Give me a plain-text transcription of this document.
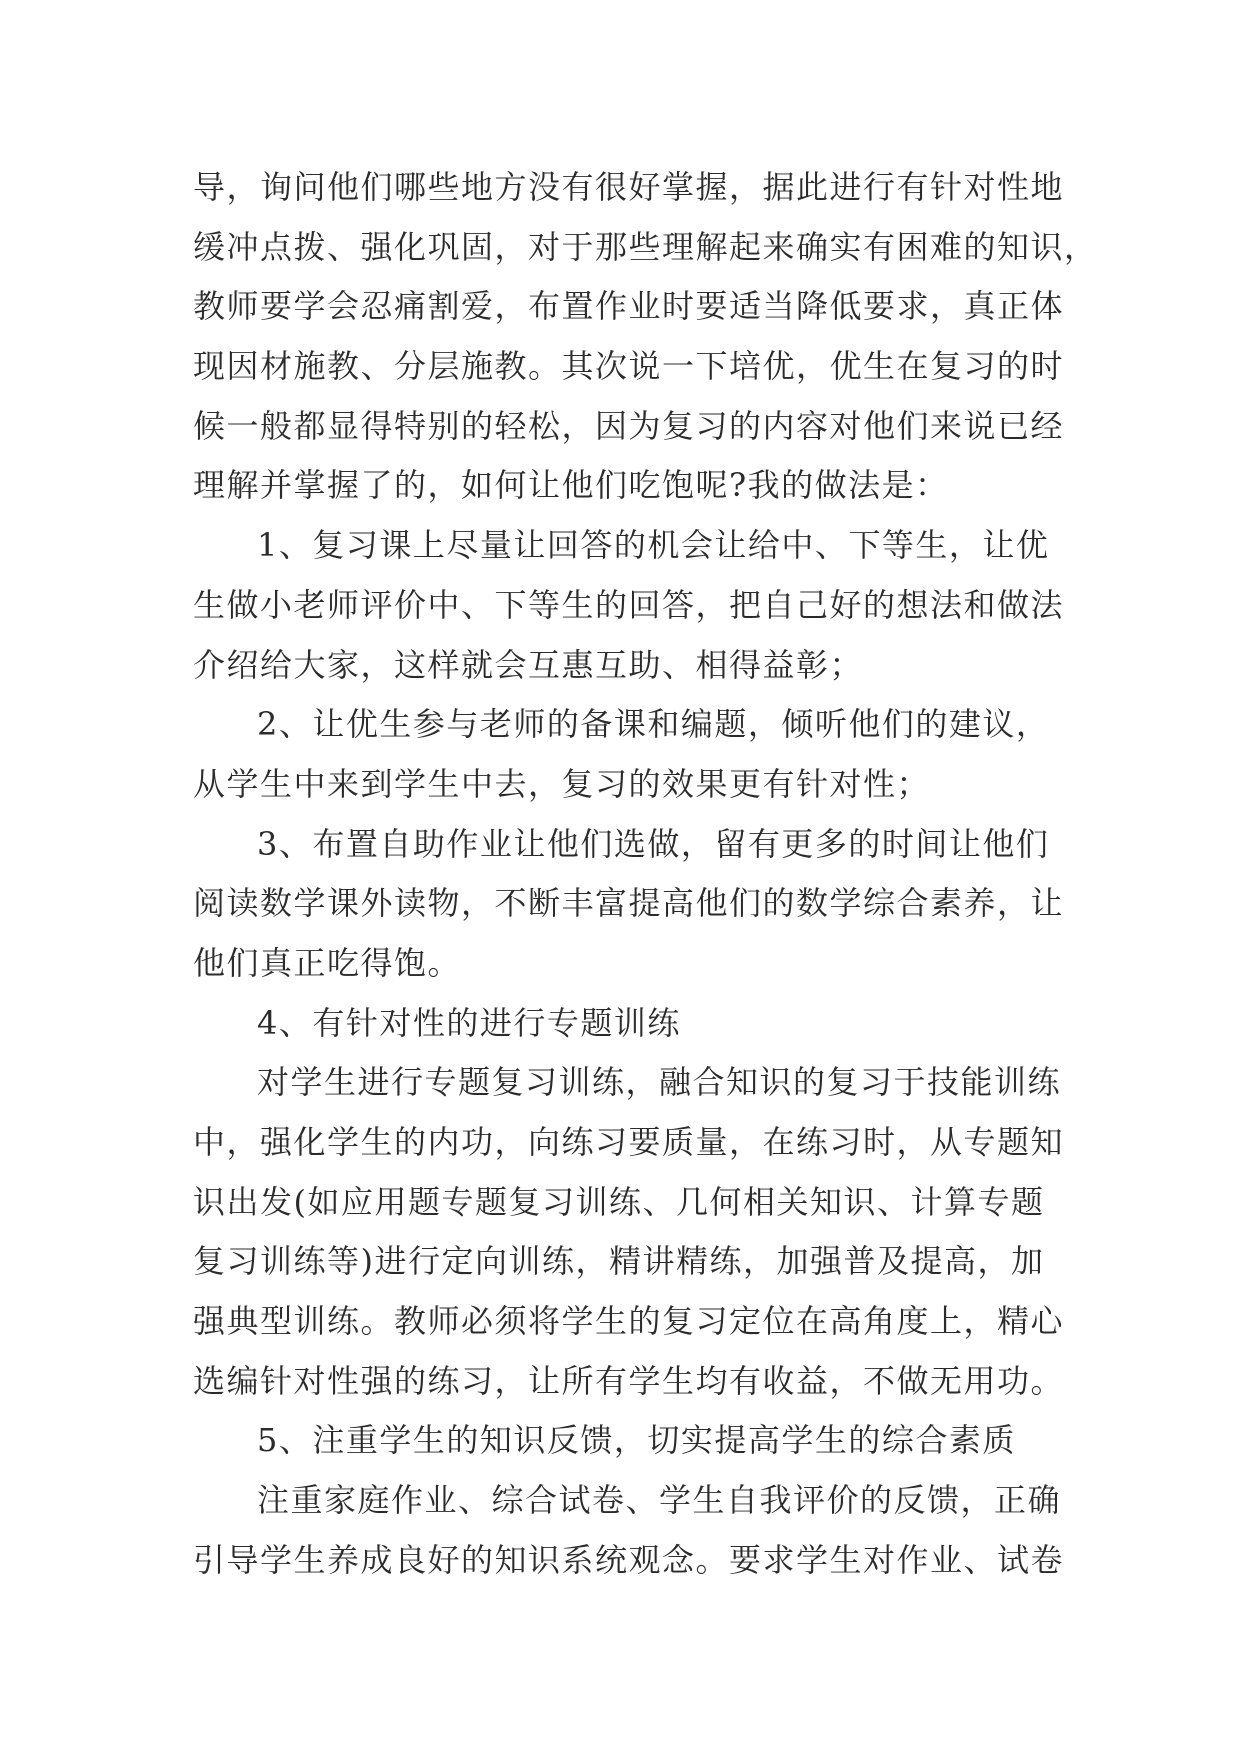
导，询问他们哪些地方没有很好掌握，据此进行有针对性地
缓冲点拨、强化巩固，对于那些理解起来确实有困难的知识，
教师要学会忍痛割爱，布置作业时要适当降低要求，真正体
现因材施教、分层施教。其次说一下培优，优生在复习的时
候一般都显得特别的轻松，因为复习的内容对他们来说已经
理解并掌握了的，如何让他们吃饱呢?我的做法是：
1、复习课上尽量让回答的机会让给中、下等生，让优
生做小老师评价中、下等生的回答，把自己好的想法和做法
介绍给大家，这样就会互惠互助、相得益彰；
2、让优生参与老师的备课和编题，倾听他们的建议，
从学生中来到学生中去，复习的效果更有针对性；
3、布置自助作业让他们选做，留有更多的时间让他们
阅读数学课外读物，不断丰富提高他们的数学综合素养，让
他们真正吃得饱。
4、有针对性的进行专题训练
对学生进行专题复习训练，融合知识的复习于技能训练
中，强化学生的内功，向练习要质量，在练习时，从专题知
识出发(如应用题专题复习训练、几何相关知识、计算专题
复习训练等)进行定向训练，精讲精练，加强普及提高，加
强典型训练。教师必须将学生的复习定位在高角度上，精心
选编针对性强的练习，让所有学生均有收益，不做无用功。
5、注重学生的知识反馈，切实提高学生的综合素质
注重家庭作业、综合试卷、学生自我评价的反馈，正确
引导学生养成良好的知识系统观念。要求学生对作业、试卷
